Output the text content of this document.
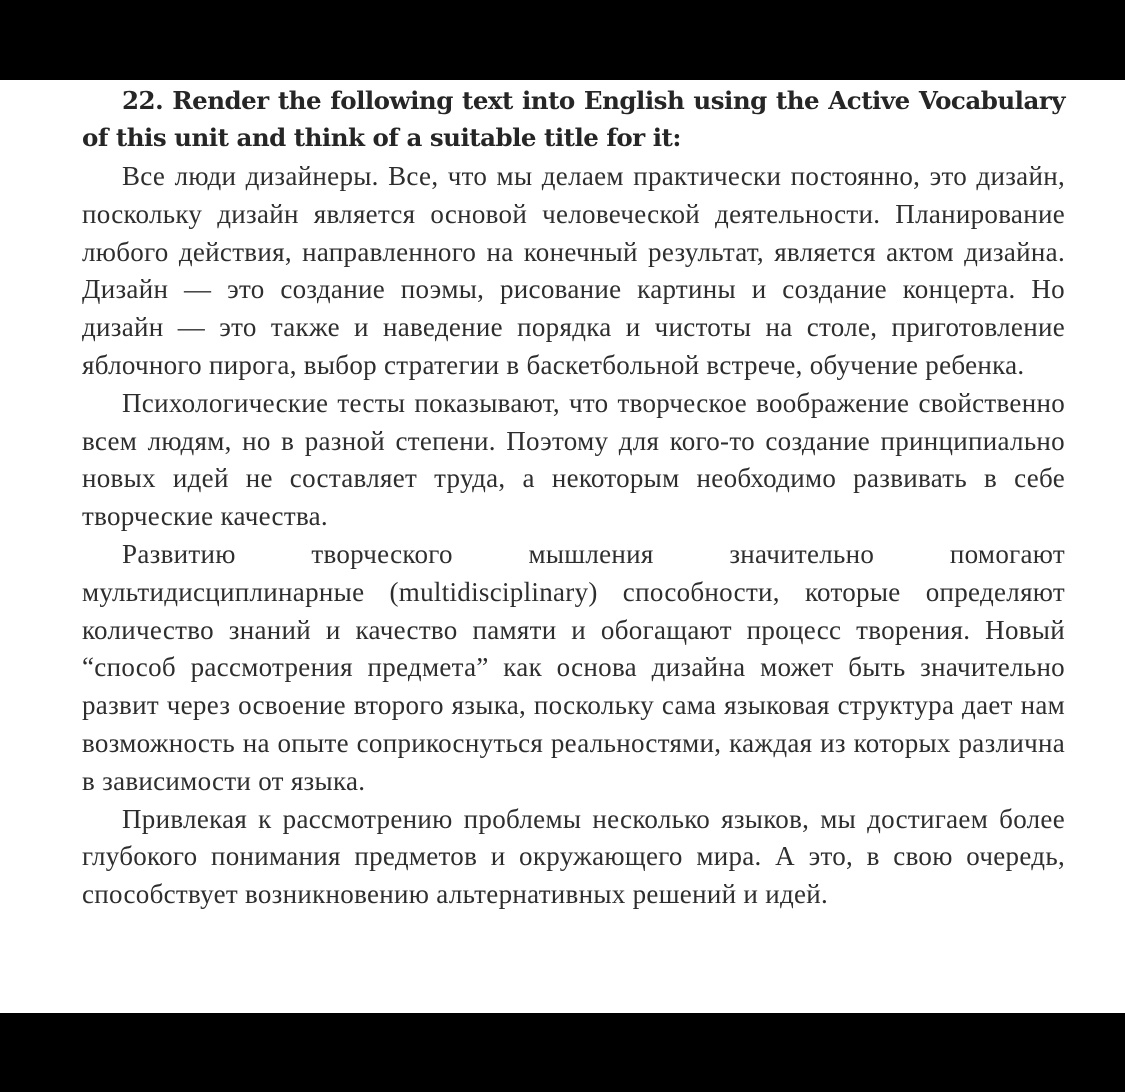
22. Render the following text into English using the Active Vocabulary of this unit and think of a suitable title for it:

Все люди дизайнеры. Все, что мы делаем практически постоянно, это дизайн, поскольку дизайн является основой человеческой деятельности. Планирование любого действия, направленного на конечный результат, является актом дизайна. Дизайн — это создание поэмы, рисование картины и создание концерта. Но дизайн — это также и наведение порядка и чистоты на столе, приготовление яблочного пирога, выбор стратегии в баскетбольной встрече, обучение ребенка.

Психологические тесты показывают, что творческое воображение свойственно всем людям, но в разной степени. Поэтому для кого-то создание принципиально новых идей не составляет труда, а некоторым необходимо развивать в себе творческие качества.

Развитию творческого мышления значительно помогают мультидисциплинарные (multidisciplinary) способности, которые определяют количество знаний и качество памяти и обогащают процесс творения. Новый “способ рассмотрения предмета” как основа дизайна может быть значительно развит через освоение второго языка, поскольку сама языковая структура дает нам возможность на опыте соприкоснуться реальностями, каждая из которых различна в зависимости от языка.

Привлекая к рассмотрению проблемы несколько языков, мы достигаем более глубокого понимания предметов и окружающего мира. А это, в свою очередь, способствует возникновению альтернативных решений и идей.
